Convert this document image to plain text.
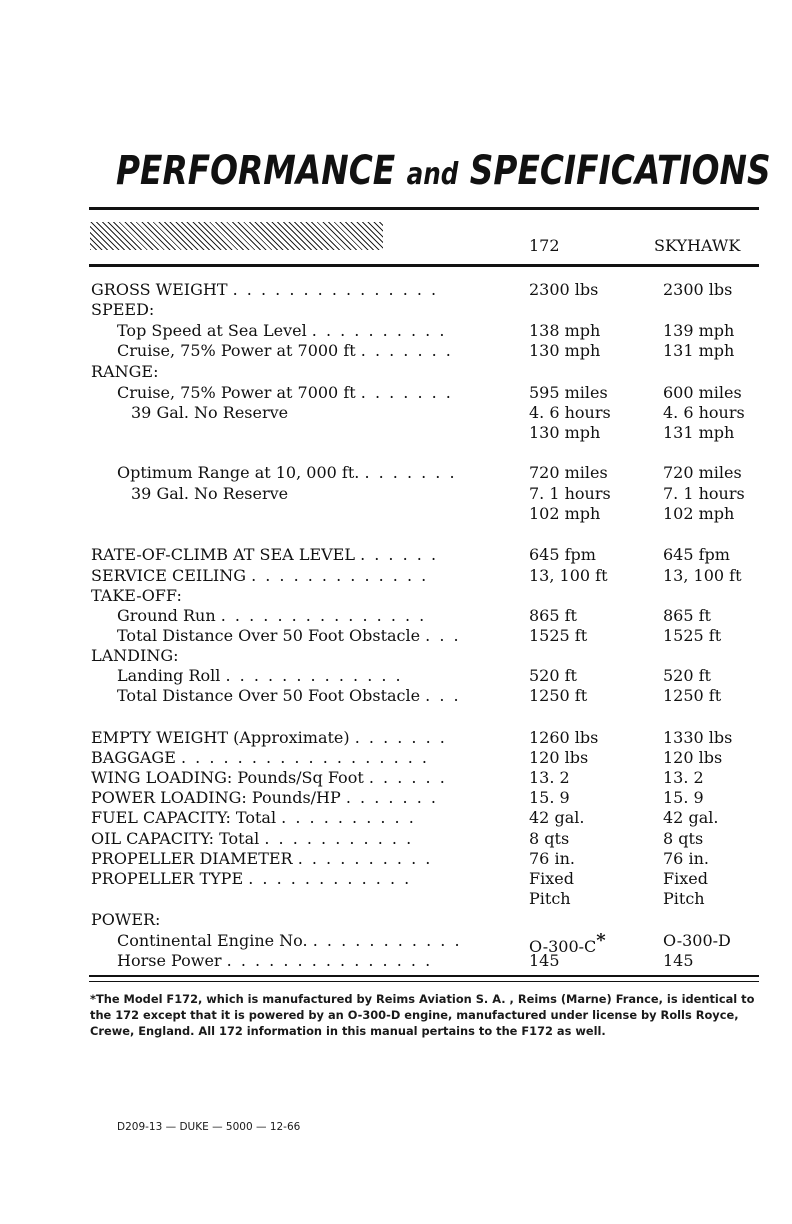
PERFORMANCE and SPECIFICATIONS
172	SKYHAWK
GROSS WEIGHT . . . . . . . . . . . . . . .	2300 lbs	2300 lbs
SPEED:
Top Speed at Sea Level . . . . . . . . . .	138 mph	139 mph
Cruise, 75% Power at 7000 ft . . . . . . .	130 mph	131 mph
RANGE:
Cruise, 75% Power at 7000 ft . . . . . . .	595 miles	600 miles
39 Gal. No Reserve	4. 6 hours	4. 6 hours
130 mph	131 mph
Optimum Range at 10, 000 ft. . . . . . . .	720 miles	720 miles
39 Gal. No Reserve	7. 1 hours	7. 1 hours
102 mph	102 mph
RATE-OF-CLIMB AT SEA LEVEL . . . . . .	645 fpm	645 fpm
SERVICE CEILING . . . . . . . . . . . . .	13, 100 ft	13, 100 ft
TAKE-OFF:
Ground Run . . . . . . . . . . . . . . .	865 ft	865 ft
Total Distance Over 50 Foot Obstacle . . .	1525 ft	1525 ft
LANDING:
Landing Roll . . . . . . . . . . . . .	520 ft	520 ft
Total Distance Over 50 Foot Obstacle . . .	1250 ft	1250 ft
EMPTY WEIGHT (Approximate) . . . . . . .	1260 lbs	1330 lbs
BAGGAGE . . . . . . . . . . . . . . . . . .	120 lbs	120 lbs
WING LOADING: Pounds/Sq Foot . . . . . .	13. 2	13. 2
POWER LOADING: Pounds/HP . . . . . . .	15. 9	15. 9
FUEL CAPACITY: Total . . . . . . . . . .	42 gal.	42 gal.
OIL CAPACITY: Total . . . . . . . . . . .	8 qts	8 qts
PROPELLER DIAMETER . . . . . . . . . .	76 in.	76 in.
PROPELLER TYPE . . . . . . . . . . . .	Fixed	Fixed
Pitch	Pitch
POWER:
Continental Engine No. . . . . . . . . . . .	O-300-C*	O-300-D
Horse Power . . . . . . . . . . . . . . .	145	145
*The Model F172, which is manufactured by Reims Aviation S. A. , Reims (Marne) France, is identical to the 172 except that it is powered by an O-300-D engine, manufactured under license by Rolls Royce, Crewe, England. All 172 information in this manual pertains to the F172 as well.
D209-13 — DUKE — 5000 — 12-66
